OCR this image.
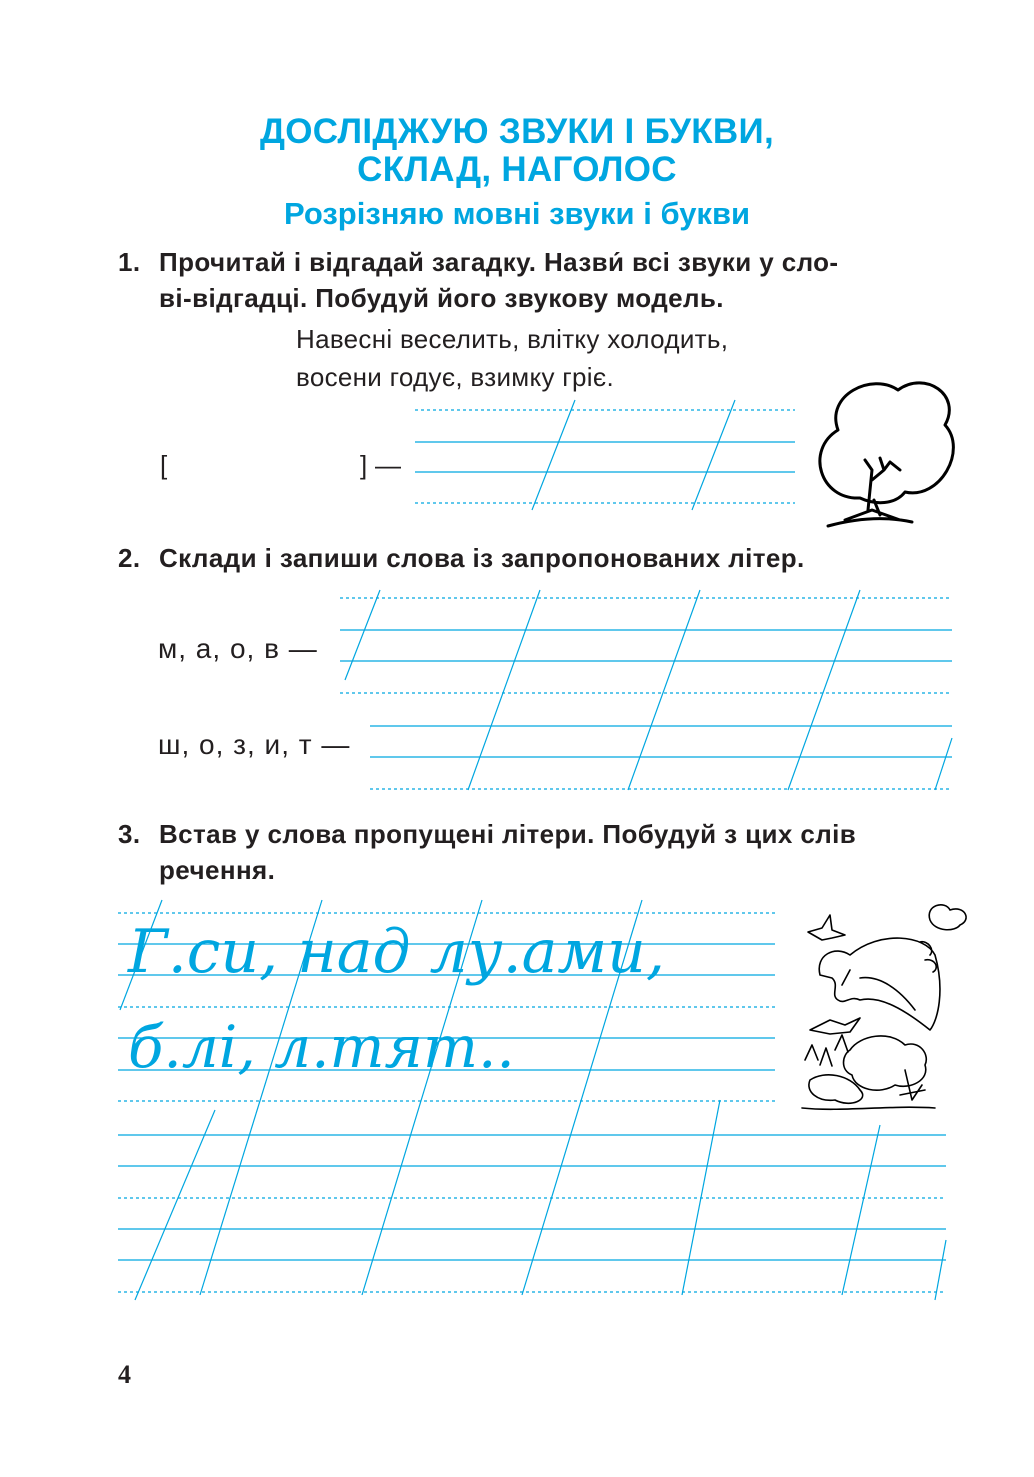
ДОСЛІДЖУЮ ЗВУКИ І БУКВИ,
СКЛАД, НАГОЛОС
Розрізняю мовні звуки і букви
1. Прочитай і відгадай загадку. Назви́ всі звуки у сло-
ві-відгадці. Побудуй його звукову модель.
Навесні веселить, влітку холодить,
восени годує, взимку гріє.
[	] —
2. Склади і запиши слова із запропонованих літер.
м, а, о, в —
ш, о, з, и, т —
3. Встав у слова пропущені літери. Побудуй з цих слів
речення.
Г.си, над лу.ами,
б.лі, л.тят..
4
